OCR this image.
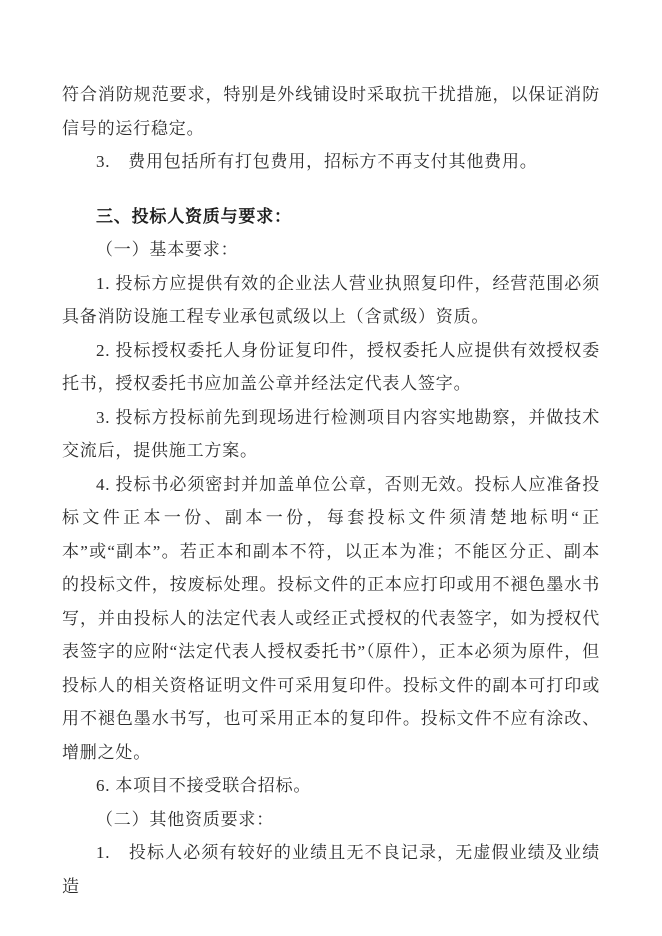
符合消防规范要求，特别是外线铺设时采取抗干扰措施，以保证消防信号的运行稳定。

3.　费用包括所有打包费用，招标方不再支付其他费用。

三、投标人资质与要求：

（一）基本要求：

1. 投标方应提供有效的企业法人营业执照复印件，经营范围必须具备消防设施工程专业承包贰级以上（含贰级）资质。

2. 投标授权委托人身份证复印件，授权委托人应提供有效授权委托书，授权委托书应加盖公章并经法定代表人签字。

3. 投标方投标前先到现场进行检测项目内容实地勘察，并做技术交流后，提供施工方案。

4. 投标书必须密封并加盖单位公章，否则无效。投标人应准备投标文件正本一份、副本一份，每套投标文件须清楚地标明“正本”或“副本”。若正本和副本不符，以正本为准；不能区分正、副本的投标文件，按废标处理。投标文件的正本应打印或用不褪色墨水书写，并由投标人的法定代表人或经正式授权的代表签字，如为授权代表签字的应附“法定代表人授权委托书”（原件），正本必须为原件，但投标人的相关资格证明文件可采用复印件。投标文件的副本可打印或用不褪色墨水书写，也可采用正本的复印件。投标文件不应有涂改、增删之处。

6. 本项目不接受联合招标。

（二）其他资质要求：

1.　投标人必须有较好的业绩且无不良记录，无虚假业绩及业绩造
